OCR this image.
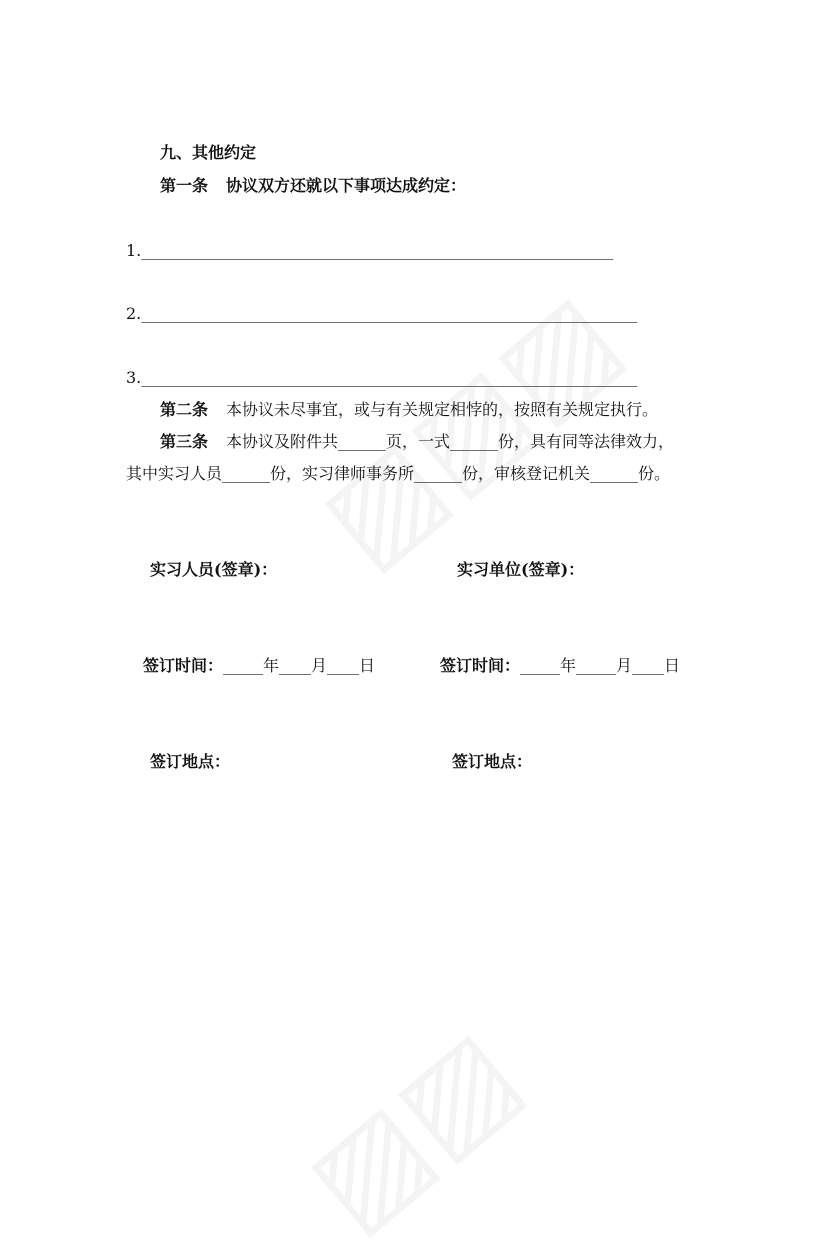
九、其他约定
第一条 协议双方还就以下事项达成约定：
1.___________________________________________________________
2.______________________________________________________________
3.______________________________________________________________
第二条 本协议未尽事宜，或与有关规定相悖的，按照有关规定执行。
第三条 本协议及附件共______页，一式______份，具有同等法律效力，
其中实习人员______份，实习律师事务所______份，审核登记机关______份。
实习人员(签章)：	实习单位(签章)：
签订时间：_____年____月____日	签订时间：_____年_____月____日
签订地点：	签订地点：
